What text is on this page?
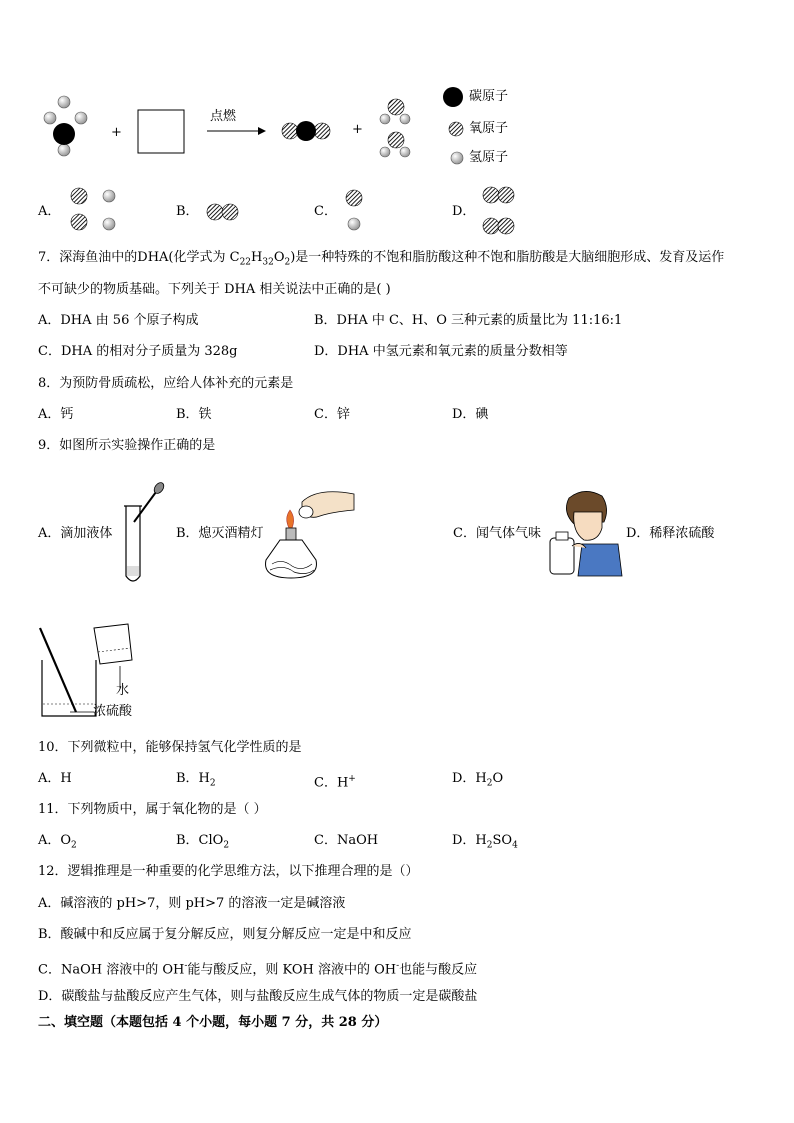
点燃
+	+
碳原子
氧原子
氢原子
A．	B．	C．	D．
7．深海鱼油中的DHA(化学式为 $C_{22}H_{32}O_2$)是一种特殊的不饱和脂肪酸这种不饱和脂肪酸是大脑细胞形成、发育及运作
不可缺少的物质基础。下列关于 DHA 相关说法中正确的是( )
A．DHA 由 56 个原子构成	B．DHA 中 C、H、O 三种元素的质量比为 11:16:1
C．DHA 的相对分子质量为 328g	D．DHA 中氢元素和氧元素的质量分数相等
8．为预防骨质疏松，应给人体补充的元素是
A．钙	B．铁	C．锌	D．碘
9．如图所示实验操作正确的是
A．滴加液体	B．熄灭酒精灯	C．闻气体气味	D．稀释浓硫酸
水
浓硫酸
10．下列微粒中，能够保持氢气化学性质的是
A．H	B．$H_2$	C．H+	D．$H_2O$
11．下列物质中，属于氧化物的是（ ）
A．$O_2$	B．ClO$_2$	C．NaOH	D．$H_2SO_4$
12．逻辑推理是一种重要的化学思维方法，以下推理合理的是（）
A．碱溶液的 pH>7，则 pH>7 的溶液一定是碱溶液
B．酸碱中和反应属于复分解反应，则复分解反应一定是中和反应
C．NaOH 溶液中的 OH-能与酸反应，则 KOH 溶液中的 OH-也能与酸反应
D．碳酸盐与盐酸反应产生气体，则与盐酸反应生成气体的物质一定是碳酸盐
二、填空题（本题包括 4 个小题，每小题 7 分，共 28 分）
